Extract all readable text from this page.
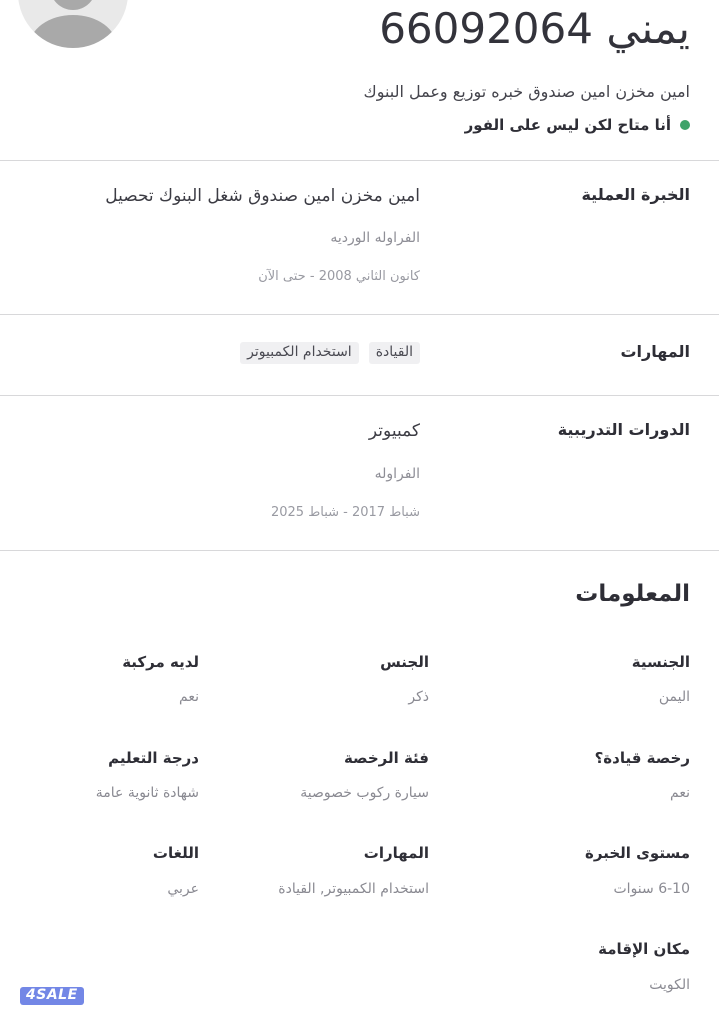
يمني 66092064
امين مخزن امين صندوق خبره توزيع وعمل البنوك
أنا متاح لكن ليس على الفور
الخبرة العملية
امين مخزن امين صندوق شغل البنوك تحصيل
الفراوله الورديه
كانون الثاني 2008 - حتى الآن
المهارات
استخدام الكمبيوتر	القيادة
الدورات التدريبية
كمبيوتر
الفراوله
شباط 2017 - شباط 2025
المعلومات
الجنسية
اليمن
الجنس
ذكر
لديه مركبة
نعم
رخصة قيادة؟
نعم
فئة الرخصة
سيارة ركوب خصوصية
درجة التعليم
شهادة ثانوية عامة
مستوى الخبرة
6-10 سنوات
المهارات
استخدام الكمبيوتر, القيادة
اللغات
عربي
مكان الإقامة
الكويت
4SALE
